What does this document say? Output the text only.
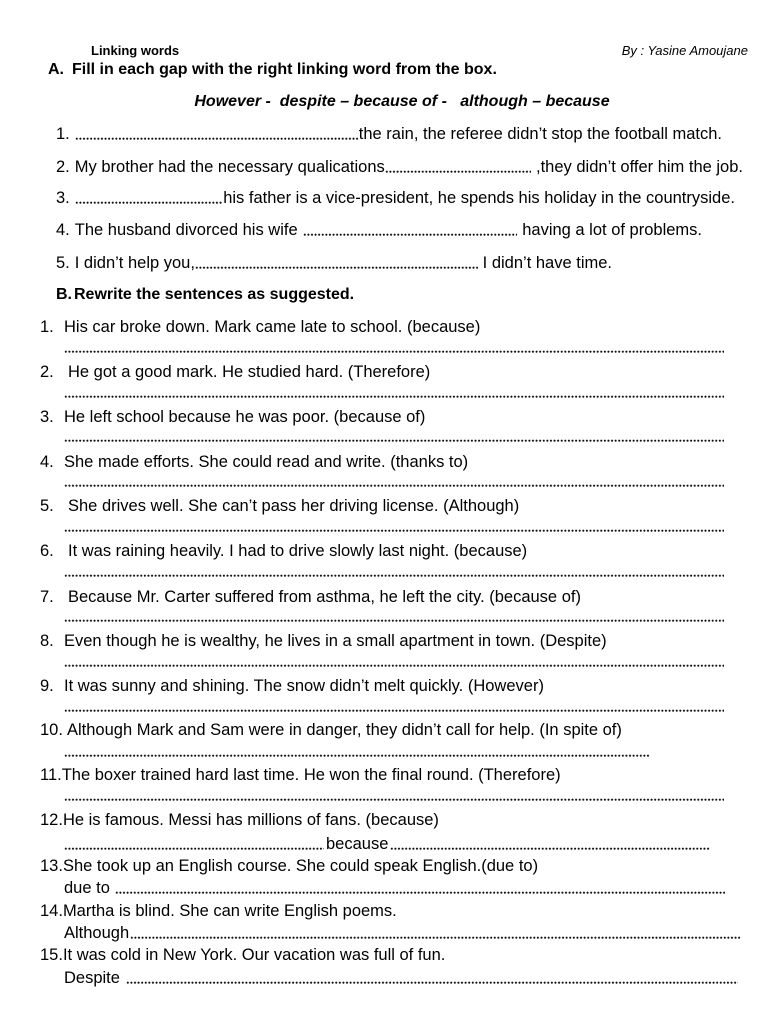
Linking words	By : Yasine Amoujane
A. Fill in each gap with the right linking word from the box.
However -  despite – because of -   although – because
1.	the rain, the referee didn’t stop the football match.
2. My brother had the necessary qualications	,they didn’t offer him the job.
3.	his father is a vice-president, he spends his holiday in the countryside.
4. The husband divorced his wife	having a lot of problems.
5. I didn’t help you,	I didn’t have time.
B. Rewrite the sentences as suggested.
1. His car broke down. Mark came late to school. (because)
2. He got a good mark. He studied hard. (Therefore)
3. He left school because he was poor. (because of)
4. She made efforts. She could read and write. (thanks to)
5. She drives well. She can’t pass her driving license. (Although)
6. It was raining heavily. I had to drive slowly last night. (because)
7. Because Mr. Carter suffered from asthma, he left the city. (because of)
8. Even though he is wealthy, he lives in a small apartment in town. (Despite)
9. It was sunny and shining. The snow didn’t melt quickly. (However)
10. Although Mark and Sam were in danger, they didn’t call for help. (In spite of)
11. The boxer trained hard last time. He won the final round. (Therefore)
12. He is famous. Messi has millions of fans. (because)
because
13. She took up an English course. She could speak English.(due to)
due to
14. Martha is blind. She can write English poems.
Although
15. It was cold in New York. Our vacation was full of fun.
Despite
